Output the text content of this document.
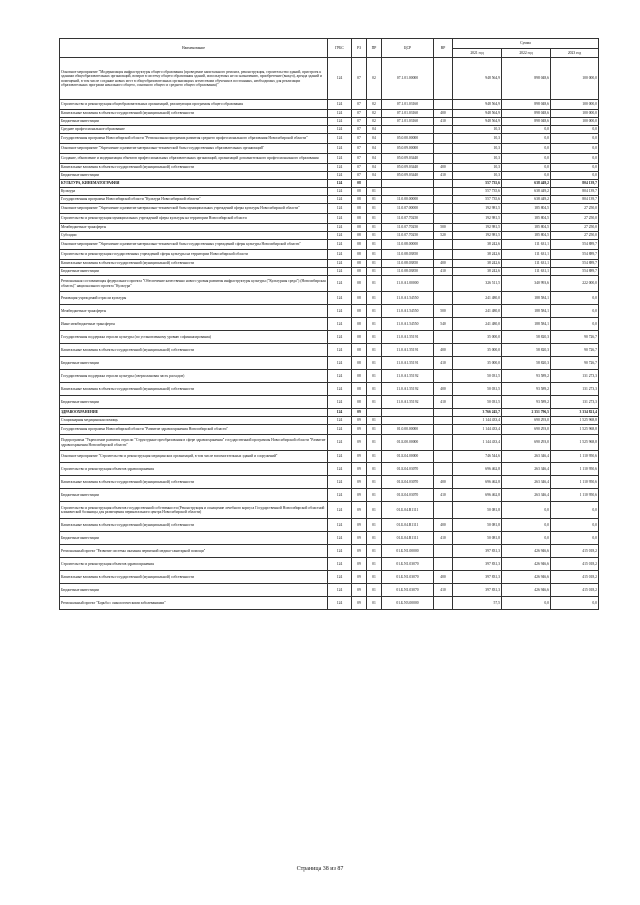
Наименование	ГРБС	РЗ	ПР	ЦСР	ВР	Сумма		
						2021 год	2022 год	2023 год
Основное мероприятие "Модернизация инфраструктуры общего образования (проведение капитального ремонта, реконструкция, строительство зданий, пристроек к зданиям общеобразовательных организаций, возврат в систему общего образования зданий, используемых не по назначению, приобретение (выкуп), аренда зданий и помещений, в том числе создание новых мест в общеобразовательных организациях агентствами обучения в постоянных, необходимых для реализации образовательных программ начального общего, основного общего и среднего общего образования)"	124	07	02	07.1.01.00000		948 564,9	898 048,6	100 000,0
Строительство и реконструкция общеобразовательных организаций, реализующих программы общего образования	124	07	02	07.1.01.03160		948 564,9	898 048,6	100 000,0
Капитальные вложения в объекты государственной (муниципальной) собственности	124	07	02	07.1.01.03160	400	948 564,9	898 048,6	100 000,0
Бюджетные инвестиции	124	07	02	07.1.01.03160	410	948 564,9	898 048,6	100 000,0
Среднее профессиональное образование	124	07	04			10,3	0,0	0,0
Государственная программа Новосибирской области "Региональная программа развития среднего профессионального образования Новосибирской области"	124	07	04	05.0.00.00000		10,3	0,0	0,0
Основное мероприятие "Укрепление и развитие материально-технической базы государственных образовательных организаций"	124	07	04	05.0.09.00000		10,3	0,0	0,0
Создание, обновление и модернизация объектов профессиональных образовательных организаций, организаций дополнительного профессионального образования	124	07	04	05.0.09.03440		10,3	0,0	0,0
Капитальные вложения в объекты государственной (муниципальной) собственности	124	07	04	05.0.09.03440	400	10,3	0,0	0,0
Бюджетные инвестиции	124	07	04	05.0.09.03440	410	10,3	0,0	0,0
КУЛЬТУРА, КИНЕМАТОГРАФИЯ	124	08				557 735,6	638 449,2	804 139,7
Культура	124	08	01			557 735,6	638 449,2	804 139,7
Государственная программа Новосибирской области "Культура Новосибирской области"	124	08	01	11.0.00.00000		557 735,6	638 449,2	804 139,7
Основное мероприятие "Укрепление и развитие материально-технической базы муниципальных учреждений сферы культуры Новосибирской области"	124	08	01	11.0.07.00000		192 981,5	185 804,5	27 250,0
Строительство и реконструкция муниципальных учреждений сферы культуры на территории Новосибирской области	124	08	01	11.0.07.70250		192 981,5	185 804,5	27 250,0
Межбюджетные трансферты	124	08	01	11.0.07.70250	500	192 981,5	185 804,5	27 250,0
Субсидии	124	08	01	11.0.07.70250	520	192 981,5	185 804,5	27 250,0
Основное мероприятие "Укрепление и развитие материально-технической базы государственных учреждений сферы культуры Новосибирской области"	124	08	01	11.0.08.00000		38 242,6	111 631,1	554 889,7
Строительство и реконструкция государственных учреждений сферы культуры на территории Новосибирской области	124	08	01	11.0.08.03850		38 242,6	111 631,1	554 889,7
Капитальные вложения в объекты государственной (муниципальной) собственности	124	08	01	11.0.08.03850	400	38 242,6	111 631,1	554 889,7
Бюджетные инвестиции	124	08	01	11.0.08.03850	410	38 242,6	111 631,1	554 889,7
Региональная составляющая федерального проекта "Обеспечение качественно нового уровня развития инфраструктуры культуры ("Культурная среда") (Новосибирская область)" национального проекта "Культура"	124	08	01	11.0.A1.00000		326 511,5	340 993,6	222 000,0
Реновация учреждений отрасли культуры	124	08	01	11.0.A1.54550		241 480,0	188 584,1	0,0
Межбюджетные трансферты	124	08	01	11.0.A1.54550	500	241 480,0	188 584,1	0,0
Иные межбюджетные трансферты	124	08	01	11.0.A1.54550	540	241 480,0	188 584,1	0,0
Государственная поддержка отрасли культуры (по установленному уровню софинансирования)	124	08	01	11.0.A1.55191		35 000,0	58 820,3	90 726,7
Капитальные вложения в объекты государственной (муниципальной) собственности	124	08	01	11.0.A1.55191	400	35 000,0	58 820,3	90 726,7
Бюджетные инвестиции	124	08	01	11.0.A1.55191	410	35 000,0	58 820,3	90 726,7
Государственная поддержка отрасли культуры (сверхплановая часть расходов)	124	08	01	11.0.A1.55192		50 031,5	93 589,2	131 273,3
Капитальные вложения в объекты государственной (муниципальной) собственности	124	08	01	11.0.A1.55192	400	50 031,5	93 589,2	131 273,3
Бюджетные инвестиции	124	08	01	11.0.A1.55192	410	50 031,5	93 589,2	131 273,3
ЗДРАВООХРАНЕНИЕ	124	09				3 766 245,7	2 351 796,5	3 334 821,4
Стационарная медицинская помощь	124	09	01			1 144 433,4	690 293,0	1 525 968,8
Государственная программа Новосибирской области "Развитие здравоохранения Новосибирской области"	124	09	01	01.0.00.00000		1 144 433,4	690 293,0	1 525 968,8
Подпрограмма "Укрепление развития отрасли "Структурные преобразования в сфере здравоохранения" государственной программы Новосибирской области "Развитие здравоохранения Новосибирской области"	124	09	01	01.Б.00.00000		1 144 433,4	690 293,0	1 525 968,8
Основное мероприятие "Строительство и реконструкция медицинских организаций, в том числе вспомогательных зданий и сооружений"	124	09	01	01.Б.04.00000		746 544,6	263 346,4	1 110 950,6
Строительство и реконструкция объектов здравоохранения	124	09	01	01.Б.04.03070		696 462,8	263 346,4	1 110 950,6
Капитальные вложения в объекты государственной (муниципальной) собственности	124	09	01	01.Б.04.03070	400	696 462,8	263 346,4	1 110 950,6
Бюджетные инвестиции	124	09	01	01.Б.04.03070	410	696 462,8	263 346,4	1 110 950,6
Строительство и реконструкция объектов государственной собственности (Реконструкция и оснащение лечебного корпуса Государственной Новосибирской областной клинической больницы для размещения перинатального центра Новосибирской области)	124	09	01	01.Б.04.R1111		50 081,8	0,0	0,0
Капитальные вложения в объекты государственной (муниципальной) собственности	124	09	01	01.Б.04.R1111	400	50 081,8	0,0	0,0
Бюджетные инвестиции	124	09	01	01.Б.04.R1111	410	50 081,8	0,0	0,0
Региональный проект "Развитие системы оказания первичной медико-санитарной помощи"	124	09	01	01.Б.N1.00000		397 831,3	426 946,6	415 018,2
Строительство и реконструкция объектов здравоохранения	124	09	01	01.Б.N1.03070		397 831,3	426 946,6	415 018,2
Капитальные вложения в объекты государственной (муниципальной) собственности	124	09	01	01.Б.N1.03070	400	397 831,3	426 946,6	415 018,2
Бюджетные инвестиции	124	09	01	01.Б.N1.03070	410	397 831,3	426 946,6	415 018,2
Региональный проект "Борьба с онкологическими заболеваниями"	124	09	01	01.Б.N3.00000		57,5	0,0	0,0
Страница 38 из 87
